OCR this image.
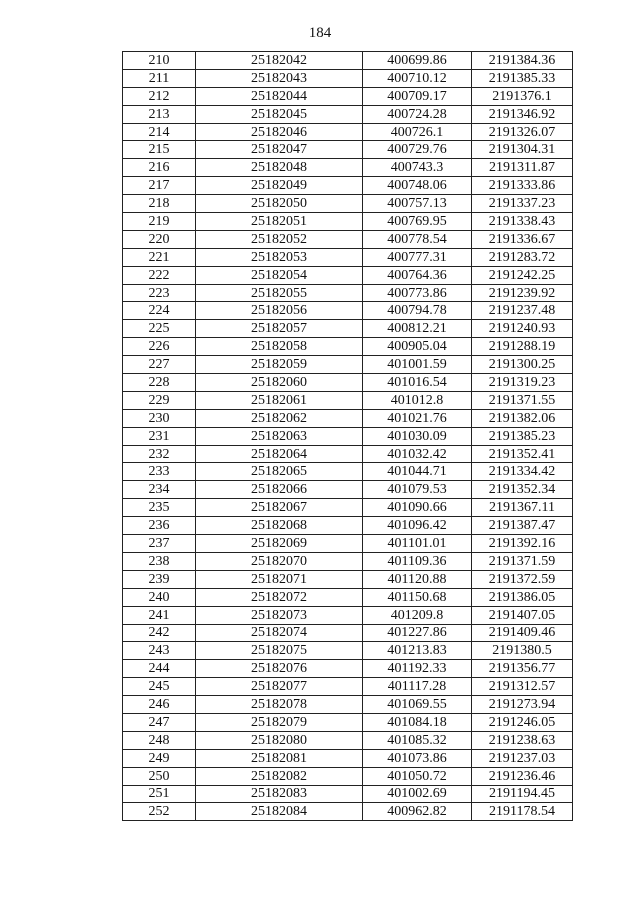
184
210	25182042	400699.86	2191384.36
211	25182043	400710.12	2191385.33
212	25182044	400709.17	2191376.1
213	25182045	400724.28	2191346.92
214	25182046	400726.1	2191326.07
215	25182047	400729.76	2191304.31
216	25182048	400743.3	2191311.87
217	25182049	400748.06	2191333.86
218	25182050	400757.13	2191337.23
219	25182051	400769.95	2191338.43
220	25182052	400778.54	2191336.67
221	25182053	400777.31	2191283.72
222	25182054	400764.36	2191242.25
223	25182055	400773.86	2191239.92
224	25182056	400794.78	2191237.48
225	25182057	400812.21	2191240.93
226	25182058	400905.04	2191288.19
227	25182059	401001.59	2191300.25
228	25182060	401016.54	2191319.23
229	25182061	401012.8	2191371.55
230	25182062	401021.76	2191382.06
231	25182063	401030.09	2191385.23
232	25182064	401032.42	2191352.41
233	25182065	401044.71	2191334.42
234	25182066	401079.53	2191352.34
235	25182067	401090.66	2191367.11
236	25182068	401096.42	2191387.47
237	25182069	401101.01	2191392.16
238	25182070	401109.36	2191371.59
239	25182071	401120.88	2191372.59
240	25182072	401150.68	2191386.05
241	25182073	401209.8	2191407.05
242	25182074	401227.86	2191409.46
243	25182075	401213.83	2191380.5
244	25182076	401192.33	2191356.77
245	25182077	401117.28	2191312.57
246	25182078	401069.55	2191273.94
247	25182079	401084.18	2191246.05
248	25182080	401085.32	2191238.63
249	25182081	401073.86	2191237.03
250	25182082	401050.72	2191236.46
251	25182083	401002.69	2191194.45
252	25182084	400962.82	2191178.54
